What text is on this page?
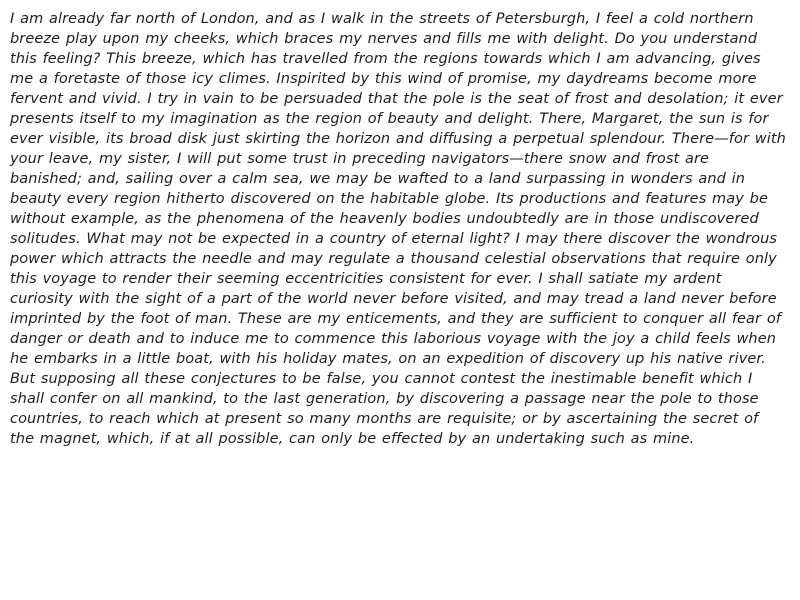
I am already far north of London, and as I walk in the streets of Petersburgh, I feel a cold northern breeze play upon my cheeks, which braces my nerves and fills me with delight. Do you understand this feeling? This breeze, which has travelled from the regions towards which I am advancing, gives me a foretaste of those icy climes. Inspirited by this wind of promise, my daydreams become more fervent and vivid. I try in vain to be persuaded that the pole is the seat of frost and desolation; it ever presents itself to my imagination as the region of beauty and delight. There, Margaret, the sun is for ever visible, its broad disk just skirting the horizon and diffusing a perpetual splendour. There—for with your leave, my sister, I will put some trust in preceding navigators—there snow and frost are banished; and, sailing over a calm sea, we may be wafted to a land surpassing in wonders and in beauty every region hitherto discovered on the habitable globe. Its productions and features may be without example, as the phenomena of the heavenly bodies undoubtedly are in those undiscovered solitudes. What may not be expected in a country of eternal light? I may there discover the wondrous power which attracts the needle and may regulate a thousand celestial observations that require only this voyage to render their seeming eccentricities consistent for ever. I shall satiate my ardent curiosity with the sight of a part of the world never before visited, and may tread a land never before imprinted by the foot of man. These are my enticements, and they are sufficient to conquer all fear of danger or death and to induce me to commence this laborious voyage with the joy a child feels when he embarks in a little boat, with his holiday mates, on an expedition of discovery up his native river. But supposing all these conjectures to be false, you cannot contest the inestimable benefit which I shall confer on all mankind, to the last generation, by discovering a passage near the pole to those countries, to reach which at present so many months are requisite; or by ascertaining the secret of the magnet, which, if at all possible, can only be effected by an undertaking such as mine.
